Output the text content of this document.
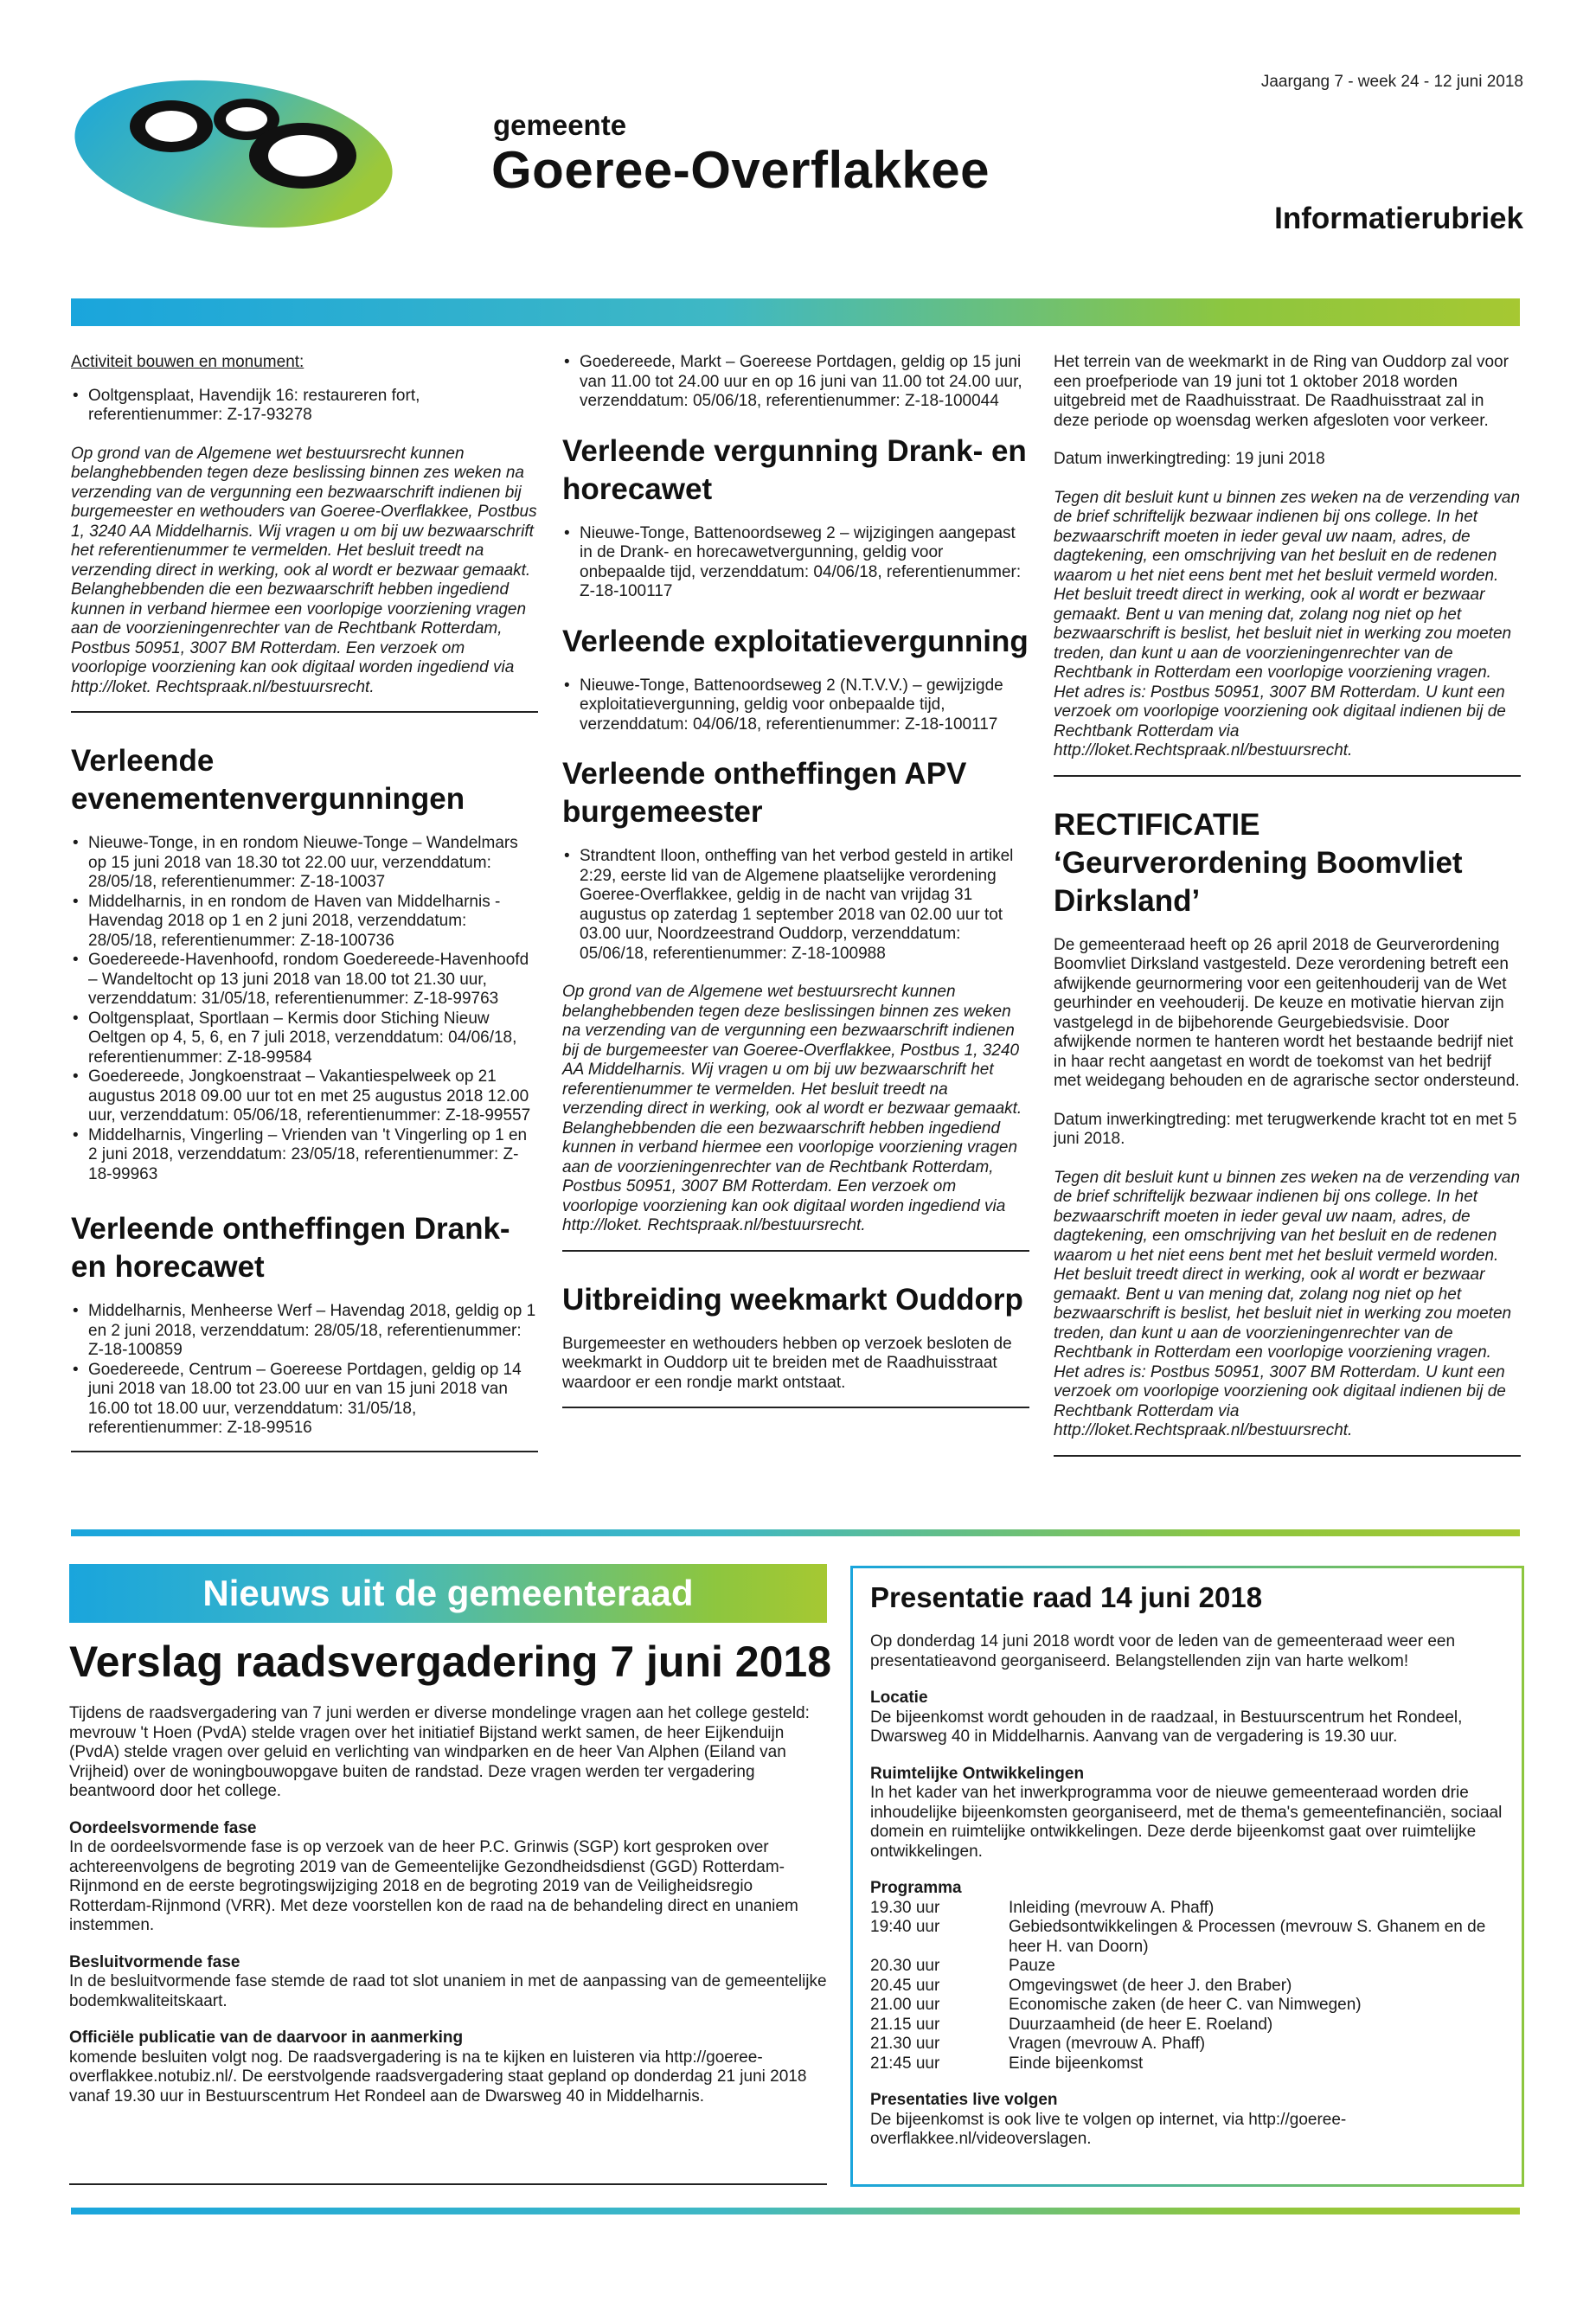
Jaargang 7 - week 24 - 12 juni 2018
gemeente
Goeree-Overflakkee
Informatierubriek

Activiteit bouwen en monument:

• Ooltgensplaat, Havendijk 16: restaureren fort, referentienummer: Z-17-93278

Op grond van de Algemene wet bestuursrecht kunnen belanghebbenden tegen deze beslissing binnen zes weken na verzending van de vergunning een bezwaarschrift indienen bij burgemeester en wethouders van Goeree-Overflakkee, Postbus 1, 3240 AA Middelharnis. Wij vragen u om bij uw bezwaarschrift het referentienummer te vermelden. Het besluit treedt na verzending direct in werking, ook al wordt er bezwaar gemaakt. Belanghebbenden die een bezwaarschrift hebben ingediend kunnen in verband hiermee een voorlopige voorziening vragen aan de voorzieningenrechter van de Rechtbank Rotterdam, Postbus 50951, 3007 BM Rotterdam. Een verzoek om voorlopige voorziening kan ook digitaal worden ingediend via http://loket. Rechtspraak.nl/bestuursrecht.

Verleende evenementenvergunningen
• Nieuwe-Tonge, in en rondom Nieuwe-Tonge – Wandelmars op 15 juni 2018 van 18.30 tot 22.00 uur, verzenddatum: 28/05/18, referentienummer: Z-18-10037
• Middelharnis, in en rondom de Haven van Middelharnis - Havendag 2018 op 1 en 2 juni 2018, verzenddatum: 28/05/18, referentienummer: Z-18-100736
• Goedereede-Havenhoofd, rondom Goedereede-Havenhoofd – Wandeltocht op 13 juni 2018 van 18.00 tot 21.30 uur, verzenddatum: 31/05/18, referentienummer: Z-18-99763
• Ooltgensplaat, Sportlaan – Kermis door Stiching Nieuw Oeltgen op 4, 5, 6, en 7 juli 2018, verzenddatum: 04/06/18, referentienummer: Z-18-99584
• Goedereede, Jongkoenstraat – Vakantiespelweek op 21 augustus 2018 09.00 uur tot en met 25 augustus 2018 12.00 uur, verzenddatum: 05/06/18, referentienummer: Z-18-99557
• Middelharnis, Vingerling – Vrienden van 't Vingerling op 1 en 2 juni 2018, verzenddatum: 23/05/18, referentienummer: Z-18-99963
Verleende ontheffingen Drank- en horecawet
• Middelharnis, Menheerse Werf – Havendag 2018, geldig op 1 en 2 juni 2018, verzenddatum: 28/05/18, referentienummer: Z-18-100859
• Goedereede, Centrum – Goereese Portdagen, geldig op 14 juni 2018 van 18.00 tot 23.00 uur en van 15 juni 2018 van 16.00 tot 18.00 uur, verzenddatum: 31/05/18, referentienummer: Z-18-99516
• Goedereede, Markt – Goereese Portdagen, geldig op 15 juni van 11.00 tot 24.00 uur en op 16 juni van 11.00 tot 24.00 uur, verzenddatum: 05/06/18, referentienummer: Z-18-100044
Verleende vergunning Drank- en horecawet
• Nieuwe-Tonge, Battenoordseweg 2 – wijzigingen aangepast in de Drank- en horecawetvergunning, geldig voor onbepaalde tijd, verzenddatum: 04/06/18, referentienummer: Z-18-100117
Verleende exploitatievergunning
• Nieuwe-Tonge, Battenoordseweg 2 (N.T.V.V.) – gewijzigde exploitatievergunning, geldig voor onbepaalde tijd, verzenddatum: 04/06/18, referentienummer: Z-18-100117
Verleende ontheffingen APV burgemeester
• Strandtent Iloon, ontheffing van het verbod gesteld in artikel 2:29, eerste lid van de Algemene plaatselijke verordening Goeree-Overflakkee, geldig in de nacht van vrijdag 31 augustus op zaterdag 1 september 2018 van 02.00 uur tot 03.00 uur, Noordzeestrand Ouddorp, verzenddatum: 05/06/18, referentienummer: Z-18-100988

Op grond van de Algemene wet bestuursrecht kunnen belanghebbenden tegen deze beslissingen binnen zes weken na verzending van de vergunning een bezwaarschrift indienen bij de burgemeester van Goeree-Overflakkee, Postbus 1, 3240 AA Middelharnis. Wij vragen u om bij uw bezwaarschrift het referentienummer te vermelden. Het besluit treedt na verzending direct in werking, ook al wordt er bezwaar gemaakt. Belanghebbenden die een bezwaarschrift hebben ingediend kunnen in verband hiermee een voorlopige voorziening vragen aan de voorzieningenrechter van de Rechtbank Rotterdam, Postbus 50951, 3007 BM Rotterdam. Een verzoek om voorlopige voorziening kan ook digitaal worden ingediend via http://loket. Rechtspraak.nl/bestuursrecht.

Uitbreiding weekmarkt Ouddorp

Burgemeester en wethouders hebben op verzoek besloten de weekmarkt in Ouddorp uit te breiden met de Raadhuisstraat waardoor er een rondje markt ontstaat.

Het terrein van de weekmarkt in de Ring van Ouddorp zal voor een proefperiode van 19 juni tot 1 oktober 2018 worden uitgebreid met de Raadhuisstraat. De Raadhuisstraat zal in deze periode op woensdag werken afgesloten voor verkeer.

Datum inwerkingtreding: 19 juni 2018

Tegen dit besluit kunt u binnen zes weken na de verzending van de brief schriftelijk bezwaar indienen bij ons college. In het bezwaarschrift moeten in ieder geval uw naam, adres, de dagtekening, een omschrijving van het besluit en de redenen waarom u het niet eens bent met het besluit vermeld worden. Het besluit treedt direct in werking, ook al wordt er bezwaar gemaakt. Bent u van mening dat, zolang nog niet op het bezwaarschrift is beslist, het besluit niet in werking zou moeten treden, dan kunt u aan de voorzieningenrechter van de Rechtbank in Rotterdam een voorlopige voorziening vragen. Het adres is: Postbus 50951, 3007 BM Rotterdam. U kunt een verzoek om voorlopige voorziening ook digitaal indienen bij de Rechtbank Rotterdam via http://loket.Rechtspraak.nl/bestuursrecht.

RECTIFICATIE ‘Geurverordening Boomvliet Dirksland’

De gemeenteraad heeft op 26 april 2018 de Geurverordening Boomvliet Dirksland vastgesteld. Deze verordening betreft een afwijkende geurnormering voor een geitenhouderij van de Wet geurhinder en veehouderij. De keuze en motivatie hiervan zijn vastgelegd in de bijbehorende Geurgebiedsvisie. Door afwijkende normen te hanteren wordt het bestaande bedrijf niet in haar recht aangetast en wordt de toekomst van het bedrijf met weidegang behouden en de agrarische sector ondersteund.

Datum inwerkingtreding: met terugwerkende kracht tot en met 5 juni 2018.

Tegen dit besluit kunt u binnen zes weken na de verzending van de brief schriftelijk bezwaar indienen bij ons college. In het bezwaarschrift moeten in ieder geval uw naam, adres, de dagtekening, een omschrijving van het besluit en de redenen waarom u het niet eens bent met het besluit vermeld worden. Het besluit treedt direct in werking, ook al wordt er bezwaar gemaakt. Bent u van mening dat, zolang nog niet op het bezwaarschrift is beslist, het besluit niet in werking zou moeten treden, dan kunt u aan de voorzieningenrechter van de Rechtbank in Rotterdam een voorlopige voorziening vragen. Het adres is: Postbus 50951, 3007 BM Rotterdam. U kunt een verzoek om voorlopige voorziening ook digitaal indienen bij de Rechtbank Rotterdam via http://loket.Rechtspraak.nl/bestuursrecht.

Nieuws uit de gemeenteraad
Verslag raadsvergadering 7 juni 2018

Tijdens de raadsvergadering van 7 juni werden er diverse mondelinge vragen aan het college gesteld: mevrouw 't Hoen (PvdA) stelde vragen over het initiatief Bijstand werkt samen, de heer Eijkenduijn (PvdA) stelde vragen over geluid en verlichting van windparken en de heer Van Alphen (Eiland van Vrijheid) over de woningbouwopgave buiten de randstad. Deze vragen werden ter vergadering beantwoord door het college.

Oordeelsvormende fase
In de oordeelsvormende fase is op verzoek van de heer P.C. Grinwis (SGP) kort gesproken over achtereenvolgens de begroting 2019 van de Gemeentelijke Gezondheidsdienst (GGD) Rotterdam-Rijnmond en de eerste begrotingswijziging 2018 en de begroting 2019 van de Veiligheidsregio Rotterdam-Rijnmond (VRR). Met deze voorstellen kon de raad na de behandeling direct en unaniem instemmen.

Besluitvormende fase
In de besluitvormende fase stemde de raad tot slot unaniem in met de aanpassing van de gemeentelijke bodemkwaliteitskaart.

Officiële publicatie van de daarvoor in aanmerking
komende besluiten volgt nog. De raadsvergadering is na te kijken en luisteren via http://goeree-overflakkee.notubiz.nl/. De eerstvolgende raadsvergadering staat gepland op donderdag 21 juni 2018 vanaf 19.30 uur in Bestuurscentrum Het Rondeel aan de Dwarsweg 40 in Middelharnis.

Presentatie raad 14 juni 2018

Op donderdag 14 juni 2018 wordt voor de leden van de gemeenteraad weer een presentatieavond georganiseerd. Belangstellenden zijn van harte welkom!

Locatie
De bijeenkomst wordt gehouden in de raadzaal, in Bestuurscentrum het Rondeel, Dwarsweg 40 in Middelharnis. Aanvang van de vergadering is 19.30 uur.

Ruimtelijke Ontwikkelingen
In het kader van het inwerkprogramma voor de nieuwe gemeenteraad worden drie inhoudelijke bijeenkomsten georganiseerd, met de thema's gemeentefinanciën, sociaal domein en ruimtelijke ontwikkelingen. Deze derde bijeenkomst gaat over ruimtelijke ontwikkelingen.

Programma
19.30 uur	Inleiding (mevrouw A. Phaff)
19:40 uur	Gebiedsontwikkelingen & Processen (mevrouw S. Ghanem en de heer H. van Doorn)
20.30 uur	Pauze
20.45 uur	Omgevingswet (de heer J. den Braber)
21.00 uur	Economische zaken (de heer C. van Nimwegen)
21.15 uur	Duurzaamheid (de heer E. Roeland)
21.30 uur	Vragen (mevrouw A. Phaff)
21:45 uur	Einde bijeenkomst

Presentaties live volgen
De bijeenkomst is ook live te volgen op internet, via http://goeree-overflakkee.nl/videoverslagen.
